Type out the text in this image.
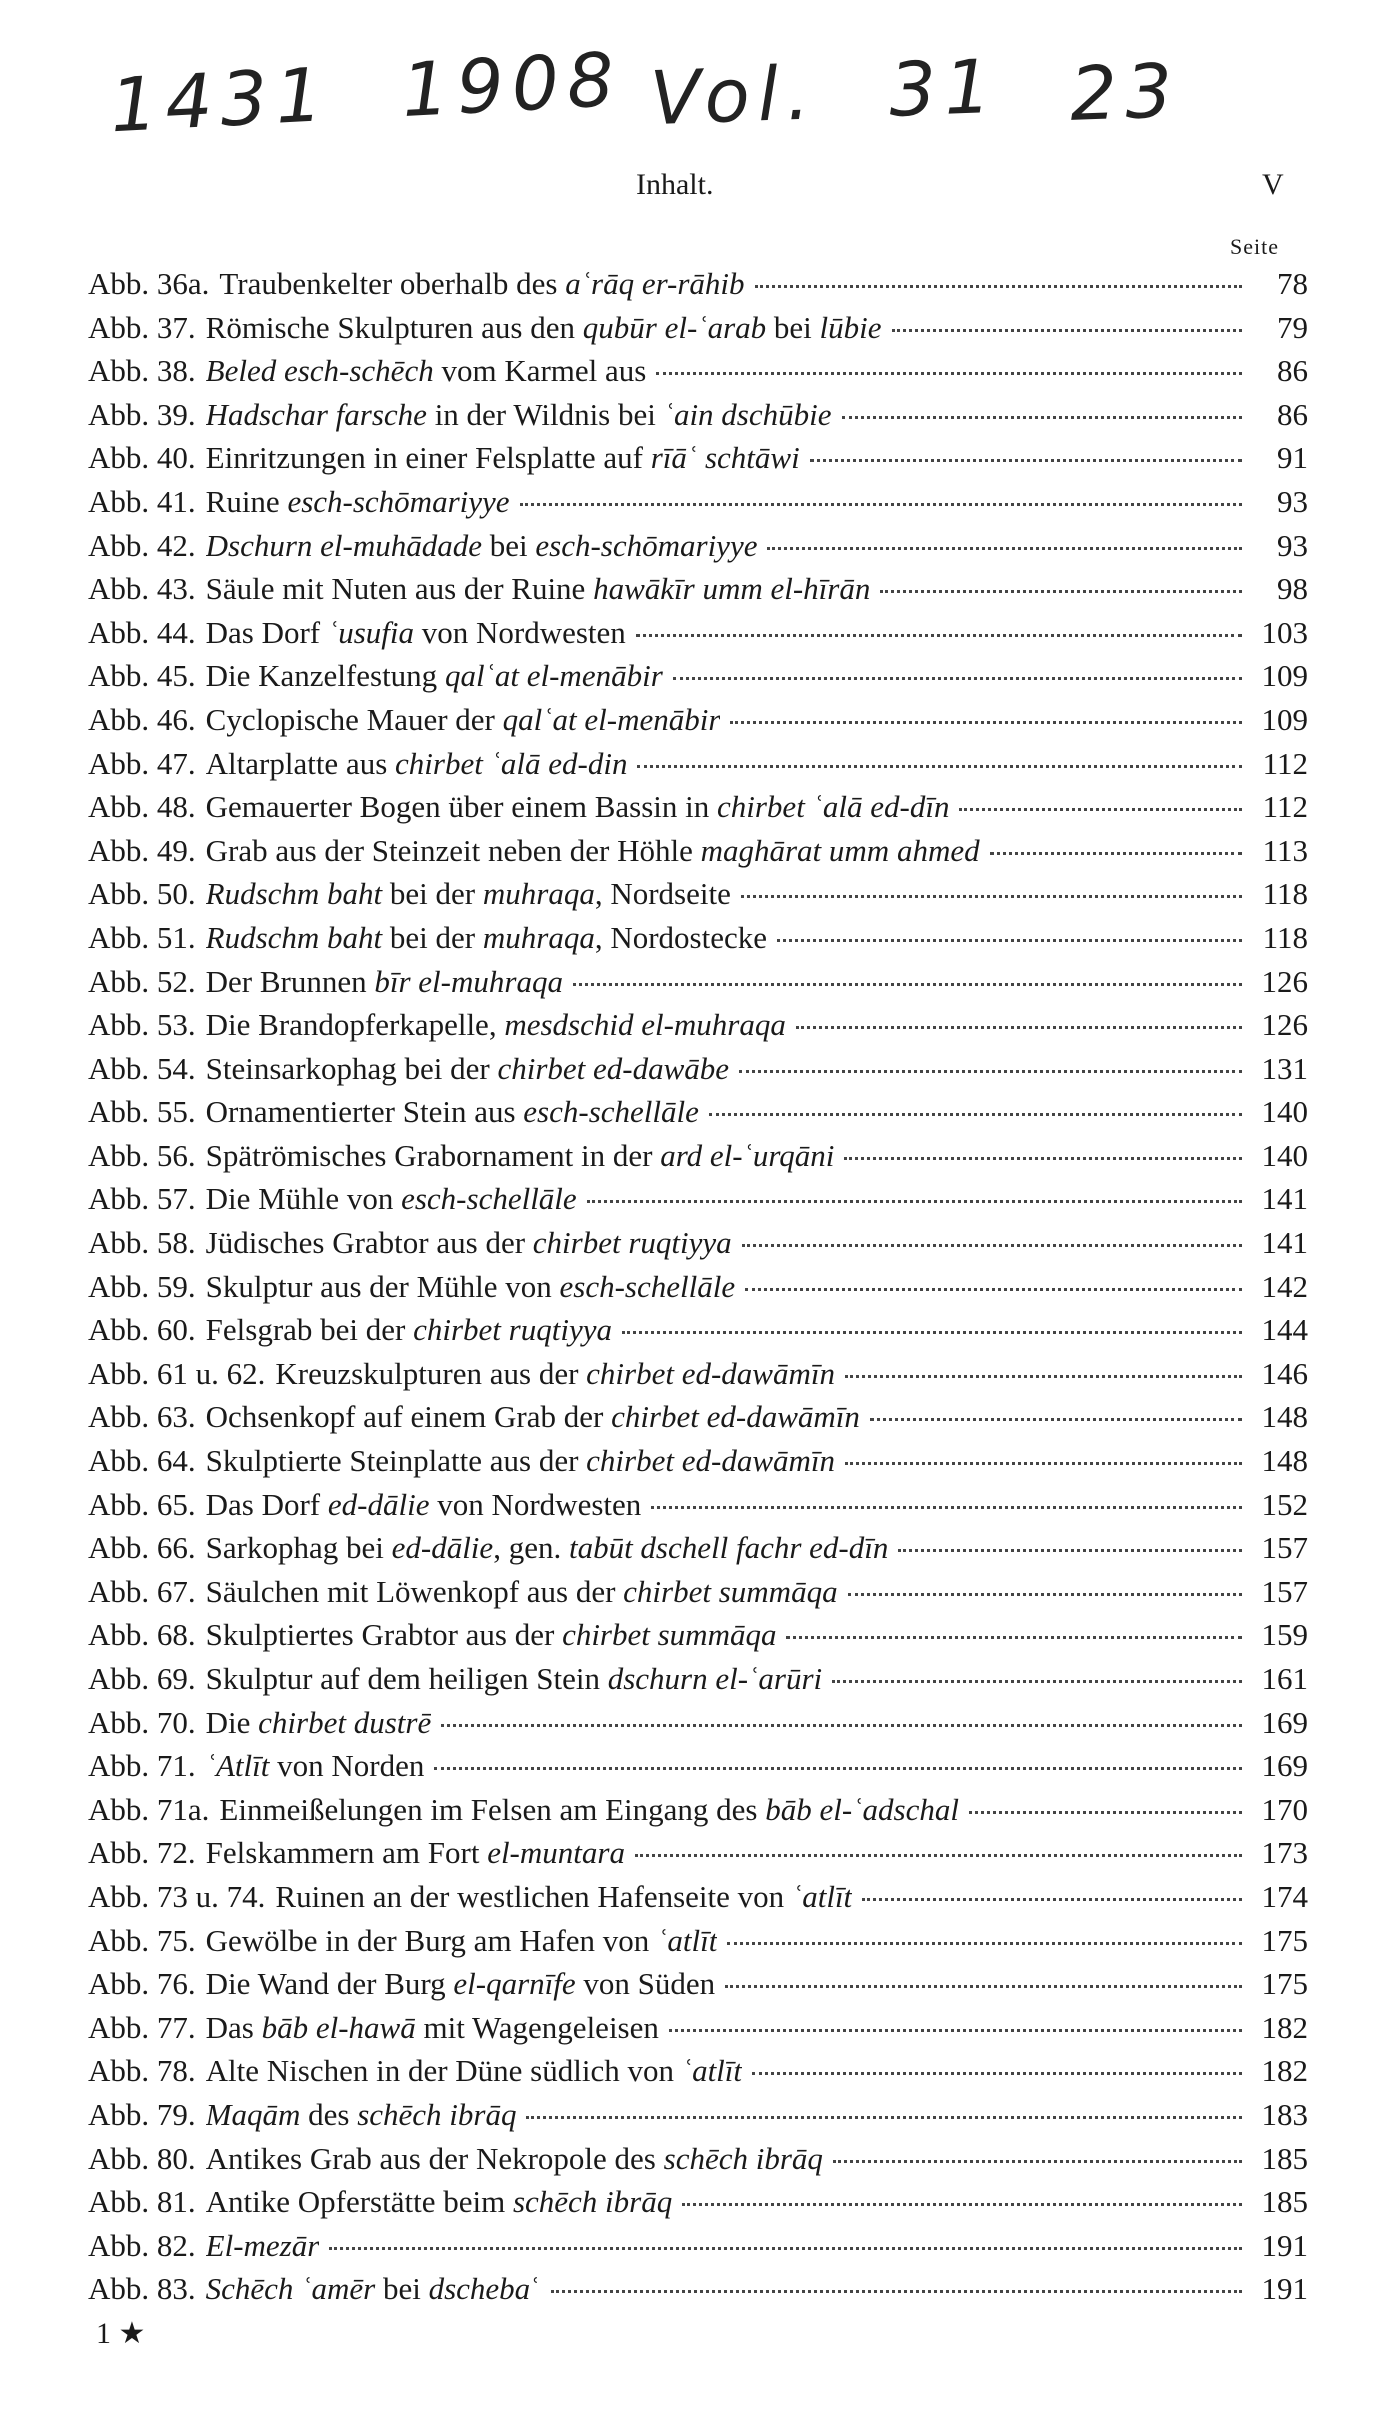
1431 1908 Vol. 31 23
Inhalt.	V
Seite
Abb. 36a. Traubenkelter oberhalb des aʿrāq er-rāhib	78
Abb. 37. Römische Skulpturen aus den qubūr el-ʿarab bei lūbie	79
Abb. 38. Beled esch-schēch vom Karmel aus	86
Abb. 39. Hadschar farsche in der Wildnis bei ʿain dschūbie	86
Abb. 40. Einritzungen in einer Felsplatte auf rīāʿ schtāwi	91
Abb. 41. Ruine esch-schōmariyye	93
Abb. 42. Dschurn el-muhādade bei esch-schōmariyye	93
Abb. 43. Säule mit Nuten aus der Ruine hawākīr umm el-hīrān	98
Abb. 44. Das Dorf ʿusufia von Nordwesten	103
Abb. 45. Die Kanzelfestung qalʿat el-menābir	109
Abb. 46. Cyclopische Mauer der qalʿat el-menābir	109
Abb. 47. Altarplatte aus chirbet ʿalā ed-din	112
Abb. 48. Gemauerter Bogen über einem Bassin in chirbet ʿalā ed-dīn	112
Abb. 49. Grab aus der Steinzeit neben der Höhle maghārat umm ahmed	113
Abb. 50. Rudschm baht bei der muhraqa, Nordseite	118
Abb. 51. Rudschm baht bei der muhraqa, Nordostecke	118
Abb. 52. Der Brunnen bīr el-muhraqa	126
Abb. 53. Die Brandopferkapelle, mesdschid el-muhraqa	126
Abb. 54. Steinsarkophag bei der chirbet ed-dawābe	131
Abb. 55. Ornamentierter Stein aus esch-schellāle	140
Abb. 56. Spätrömisches Grabornament in der ard el-ʿurqāni	140
Abb. 57. Die Mühle von esch-schellāle	141
Abb. 58. Jüdisches Grabtor aus der chirbet ruqtiyya	141
Abb. 59. Skulptur aus der Mühle von esch-schellāle	142
Abb. 60. Felsgrab bei der chirbet ruqtiyya	144
Abb. 61 u. 62. Kreuzskulpturen aus der chirbet ed-dawāmīn	146
Abb. 63. Ochsenkopf auf einem Grab der chirbet ed-dawāmīn	148
Abb. 64. Skulptierte Steinplatte aus der chirbet ed-dawāmīn	148
Abb. 65. Das Dorf ed-dālie von Nordwesten	152
Abb. 66. Sarkophag bei ed-dālie, gen. tabūt dschell fachr ed-dīn	157
Abb. 67. Säulchen mit Löwenkopf aus der chirbet summāqa	157
Abb. 68. Skulptiertes Grabtor aus der chirbet summāqa	159
Abb. 69. Skulptur auf dem heiligen Stein dschurn el-ʿarūri	161
Abb. 70. Die chirbet dustrē	169
Abb. 71. ʿAtlīt von Norden	169
Abb. 71a. Einmeißelungen im Felsen am Eingang des bāb el-ʿadschal	170
Abb. 72. Felskammern am Fort el-muntara	173
Abb. 73 u. 74. Ruinen an der westlichen Hafenseite von ʿatlīt	174
Abb. 75. Gewölbe in der Burg am Hafen von ʿatlīt	175
Abb. 76. Die Wand der Burg el-qarnīfe von Süden	175
Abb. 77. Das bāb el-hawā mit Wagengeleisen	182
Abb. 78. Alte Nischen in der Düne südlich von ʿatlīt	182
Abb. 79. Maqām des schēch ibrāq	183
Abb. 80. Antikes Grab aus der Nekropole des schēch ibrāq	185
Abb. 81. Antike Opferstätte beim schēch ibrāq	185
Abb. 82. El-mezār	191
Abb. 83. Schēch ʿamēr bei dschebaʿ	191
1 ★
